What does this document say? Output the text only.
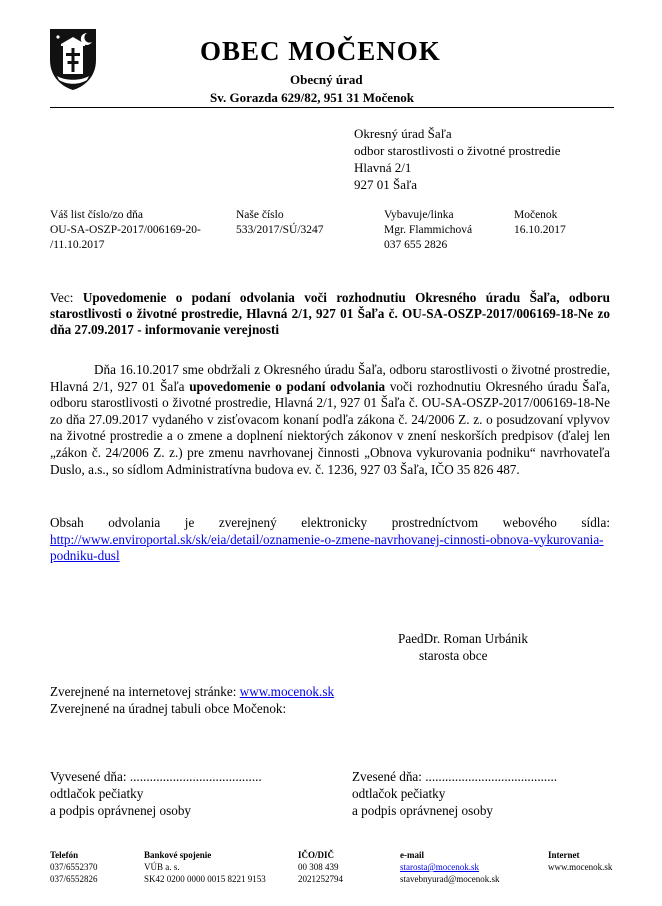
OBEC MOČENOK
Obecný úrad
Sv. Gorazda 629/82, 951 31 Močenok
Okresný úrad Šaľa
odbor starostlivosti o životné prostredie
Hlavná 2/1
927 01 Šaľa
Váš list číslo/zo dňa
OU-SA-OSZP-2017/006169-20-
/11.10.2017
Naše číslo
533/2017/SÚ/3247
Vybavuje/linka
Mgr. Flammichová
037 655 2826
Močenok
16.10.2017
Vec: Upovedomenie o podaní odvolania voči rozhodnutiu Okresného úradu Šaľa, odboru starostlivosti o životné prostredie, Hlavná 2/1, 927 01 Šaľa č. OU-SA-OSZP-2017/006169-18-Ne zo dňa 27.09.2017 - informovanie verejnosti
Dňa 16.10.2017 sme obdržali z Okresného úradu Šaľa, odboru starostlivosti o životné prostredie, Hlavná 2/1, 927 01 Šaľa upovedomenie o podaní odvolania voči rozhodnutiu Okresného úradu Šaľa, odboru starostlivosti o životné prostredie, Hlavná 2/1, 927 01 Šaľa č. OU-SA-OSZP-2017/006169-18-Ne zo dňa 27.09.2017 vydaného v zisťovacom konaní podľa zákona č. 24/2006 Z. z. o posudzovaní vplyvov na životné prostredie a o zmene a doplnení niektorých zákonov v znení neskorších predpisov (ďalej len „zákon č. 24/2006 Z. z.) pre zmenu navrhovanej činnosti „Obnova vykurovania podniku“ navrhovateľa Duslo, a.s., so sídlom Administratívna budova ev. č. 1236, 927 03 Šaľa, IČO 35 826 487.
Obsah odvolania je zverejnený elektronicky prostredníctvom webového sídla: http://www.enviroportal.sk/sk/eia/detail/oznamenie-o-zmene-navrhovanej-cinnosti-obnova-vykurovania-podniku-dusl
PaedDr. Roman Urbánik
starosta obce
Zverejnené na internetovej stránke: www.mocenok.sk
Zverejnené na úradnej tabuli obce Močenok:
Vyvesené dňa: ........................................
odtlačok pečiatky
a podpis oprávnenej osoby
Zvesené dňa: ........................................
odtlačok pečiatky
a podpis oprávnenej osoby
Telefón
037/6552370
037/6552826
Bankové spojenie
VÚB a. s.
SK42 0200 0000 0015 8221 9153
IČO/DIČ
00 308 439
2021252794
e-mail
starosta@mocenok.sk
stavebnyurad@mocenok.sk
Internet
www.mocenok.sk
